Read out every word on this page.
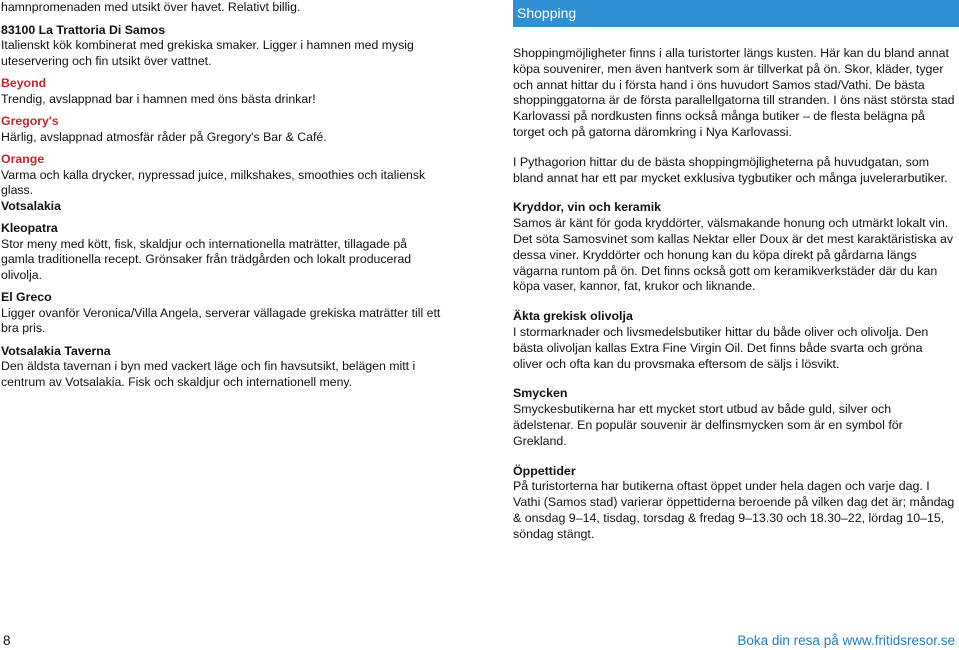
hamnpromenaden med utsikt över havet. Relativt billig.

83100 La Trattoria Di Samos

Italienskt kök kombinerat med grekiska smaker. Ligger i hamnen med mysig uteservering och fin utsikt över vattnet.

Beyond

Trendig, avslappnad bar i hamnen med öns bästa drinkar!

Gregory's

Härlig, avslappnad atmosfär råder på Gregory's Bar & Café.

Orange

Varma och kalla drycker, nypressad juice, milkshakes, smoothies och italiensk glass.

Votsalakia
Kleopatra

Stor meny med kött, fisk, skaldjur och internationella maträtter, tillagade på gamla traditionella recept. Grönsaker från trädgården och lokalt producerad olivolja.

El Greco

Ligger ovanför Veronica/Villa Angela, serverar vällagade grekiska maträtter till ett bra pris.

Votsalakia Taverna

Den äldsta tavernan i byn med vackert läge och fin havsutsikt, belägen mitt i centrum av Votsalakia. Fisk och skaldjur och internationell meny.

Shopping

Shoppingmöjligheter finns i alla turistorter längs kusten. Här kan du bland annat köpa souvenirer, men även hantverk som är tillverkat på ön. Skor, kläder, tyger och annat hittar du i första hand i öns huvudort Samos stad/Vathi. De bästa shoppinggatorna är de första parallellgatorna till stranden. I öns näst största stad Karlovassi på nordkusten finns också många butiker – de flesta belägna på torget och på gatorna däromkring i Nya Karlovassi.

I Pythagorion hittar du de bästa shoppingmöjligheterna på huvudgatan, som bland annat har ett par mycket exklusiva tygbutiker och många juvelerarbutiker.

Kryddor, vin och keramik
Samos är känt för goda kryddörter, välsmakande honung och utmärkt lokalt vin. Det söta Samosvinet som kallas Nektar eller Doux är det mest karaktäristiska av dessa viner. Kryddörter och honung kan du köpa direkt på gårdarna längs vägarna runtom på ön. Det finns också gott om keramikverkstäder där du kan köpa vaser, kannor, fat, krukor och liknande.

Äkta grekisk olivolja
I stormarknader och livsmedelsbutiker hittar du både oliver och olivolja. Den bästa olivoljan kallas Extra Fine Virgin Oil. Det finns både svarta och gröna oliver och ofta kan du provsmaka eftersom de säljs i lösvikt.

Smycken
Smyckesbutikerna har ett mycket stort utbud av både guld, silver och ädelstenar. En populär souvenir är delfinsmycken som är en symbol för Grekland.

Öppettider
På turistorterna har butikerna oftast öppet under hela dagen och varje dag. I Vathi (Samos stad) varierar öppettiderna beroende på vilken dag det är; måndag & onsdag 9–14, tisdag, torsdag & fredag 9–13.30 och 18.30–22, lördag 10–15, söndag stängt.

8	Boka din resa på www.fritidsresor.se
